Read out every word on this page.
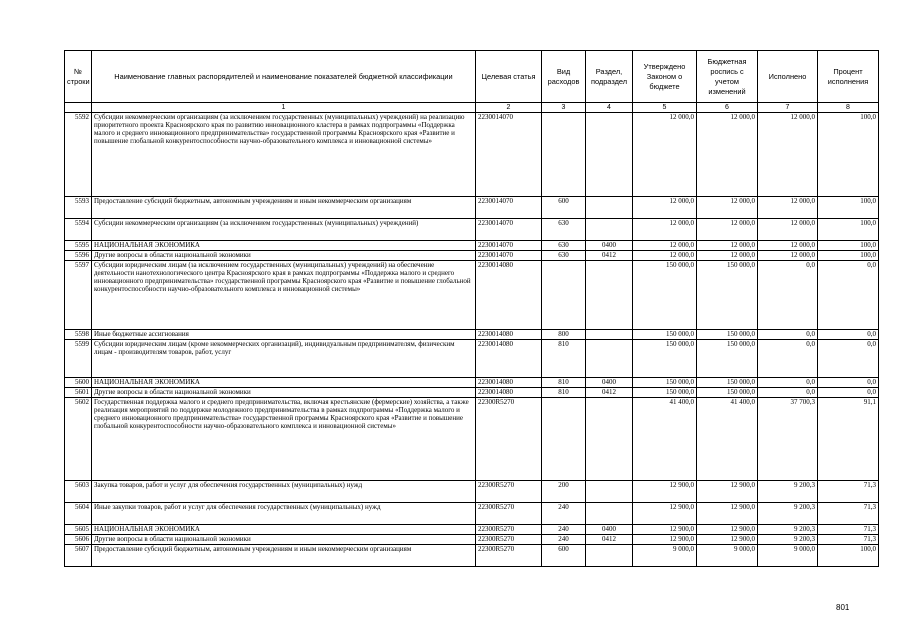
№ строки	Наименование главных распорядителей и наименование показателей бюджетной классификации	Целевая статья	Вид расходов	Раздел, подраздел	Утверждено Законом о бюджете	Бюджетная роспись с учетом изменений	Исполнено	Процент исполнения
	1	2	3	4	5	6	7	8
5592	Субсидии некоммерческим организациям (за исключением государственных (муниципальных) учреждений) на реализацию приоритетного проекта Красноярского края по развитию инновационного кластера в рамках подпрограммы «Поддержка малого и среднего инновационного предпринимательства» государственной программы Красноярского края «Развитие и повышение глобальной конкурентоспособности научно-образовательного комплекса и инновационной системы»	2230014070			12 000,0	12 000,0	12 000,0	100,0
5593	Предоставление субсидий бюджетным, автономным учреждениям и иным некоммерческим организациям	2230014070	600		12 000,0	12 000,0	12 000,0	100,0
5594	Субсидии некоммерческим организациям (за исключением государственных (муниципальных) учреждений)	2230014070	630		12 000,0	12 000,0	12 000,0	100,0
5595	НАЦИОНАЛЬНАЯ ЭКОНОМИКА	2230014070	630	0400	12 000,0	12 000,0	12 000,0	100,0
5596	Другие вопросы в области национальной экономики	2230014070	630	0412	12 000,0	12 000,0	12 000,0	100,0
5597	Субсидии юридическим лицам (за исключением государственных (муниципальных) учреждений) на обеспечение деятельности нанотехнологического центра Красноярского края в рамках подпрограммы «Поддержка малого и среднего инновационного предпринимательства» государственной программы Красноярского края «Развитие и повышение глобальной конкурентоспособности научно-образовательного комплекса и инновационной системы»	2230014080			150 000,0	150 000,0	0,0	0,0
5598	Иные бюджетные ассигнования	2230014080	800		150 000,0	150 000,0	0,0	0,0
5599	Субсидии юридическим лицам (кроме некоммерческих организаций), индивидуальным предпринимателям, физическим лицам - производителям товаров, работ, услуг	2230014080	810		150 000,0	150 000,0	0,0	0,0
5600	НАЦИОНАЛЬНАЯ ЭКОНОМИКА	2230014080	810	0400	150 000,0	150 000,0	0,0	0,0
5601	Другие вопросы в области национальной экономики	2230014080	810	0412	150 000,0	150 000,0	0,0	0,0
5602	Государственная поддержка малого и среднего предпринимательства, включая крестьянские (фермерские) хозяйства, а также реализация мероприятий по поддержке молодежного предпринимательства в рамках подпрограммы «Поддержка малого и среднего инновационного предпринимательства» государственной программы Красноярского края «Развитие и повышение глобальной конкурентоспособности научно-образовательного комплекса и инновационной системы»	22300R5270			41 400,0	41 400,0	37 700,3	91,1
5603	Закупка товаров, работ и услуг для обеспечения государственных (муниципальных) нужд	22300R5270	200		12 900,0	12 900,0	9 200,3	71,3
5604	Иные закупки товаров, работ и услуг для обеспечения государственных (муниципальных) нужд	22300R5270	240		12 900,0	12 900,0	9 200,3	71,3
5605	НАЦИОНАЛЬНАЯ ЭКОНОМИКА	22300R5270	240	0400	12 900,0	12 900,0	9 200,3	71,3
5606	Другие вопросы в области национальной экономики	22300R5270	240	0412	12 900,0	12 900,0	9 200,3	71,3
5607	Предоставление субсидий бюджетным, автономным учреждениям и иным некоммерческим организациям	22300R5270	600		9 000,0	9 000,0	9 000,0	100,0
801
